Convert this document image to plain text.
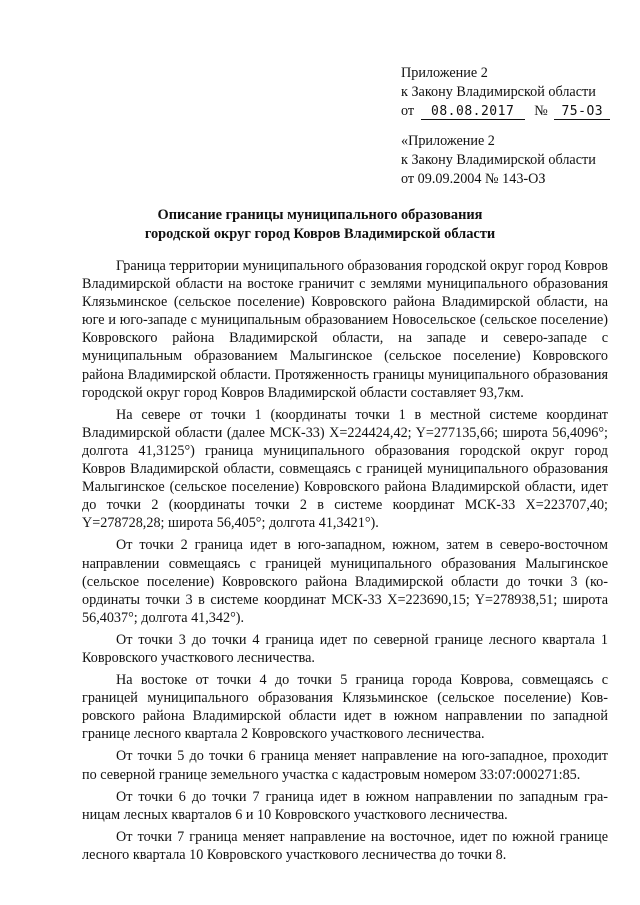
Приложение 2
к Закону Владимирской области
от 08.08.2017 № 75-ОЗ
«Приложение 2
к Закону Владимирской области
от 09.09.2004 № 143-ОЗ
Описание границы муниципального образования
городской округ город Ковров Владимирской области

Граница территории муниципального образования городской округ город Ковров Владимирской области на востоке граничит с землями муниципального образования Клязьминское (сельское поселение) Ковровского района Владимирской области, на юге и юго-западе с муниципальным образованием Новосельское (сельское поселение) Ковровского района Владимирской области, на западе и северо-западе с муниципальным образованием Малыгинское (сельское поселение) Ковровского района Владимирской области. Протяженность границы муниципального образования городской округ город Ковров Владимирской области составляет 93,7км.

На севере от точки 1 (координаты точки 1 в местной системе координат Владимирской области (далее МСК-33) X=224424,42; Y=277135,66; широта 56,4096°; долгота 41,3125°) граница муниципального образования городской округ город Ковров Владимирской области, совмещаясь с границей муниципального образования Малыгинское (сельское поселение) Ковровского района Владимирской области, идет до точки 2 (координаты точки 2 в системе координат МСК-33 X=223707,40; Y=278728,28; широта 56,405°; долгота 41,3421°).

От точки 2 граница идет в юго-западном, южном, затем в северо-восточном направлении совмещаясь с границей муниципального образования Малыгинское (сельское поселение) Ковровского района Владимирской области до точки 3 (координаты точки 3 в системе координат МСК-33 X=223690,15; Y=278938,51; широта 56,4037°; долгота 41,342°).

От точки 3 до точки 4 граница идет по северной границе лесного квартала 1 Ковровского участкового лесничества.

На востоке от точки 4 до точки 5 граница города Коврова, совмещаясь с границей муниципального образования Клязьминское (сельское поселение) Ковровского района Владимирской области идет в южном направлении по западной границе лесного квартала 2 Ковровского участкового лесничества.

От точки 5 до точки 6 граница меняет направление на юго-западное, проходит по северной границе земельного участка с кадастровым номером 33:07:000271:85.

От точки 6 до точки 7 граница идет в южном направлении по западным границам лесных кварталов 6 и 10 Ковровского участкового лесничества.

От точки 7 граница меняет направление на восточное, идет по южной границе лесного квартала 10 Ковровского участкового лесничества до точки 8.
